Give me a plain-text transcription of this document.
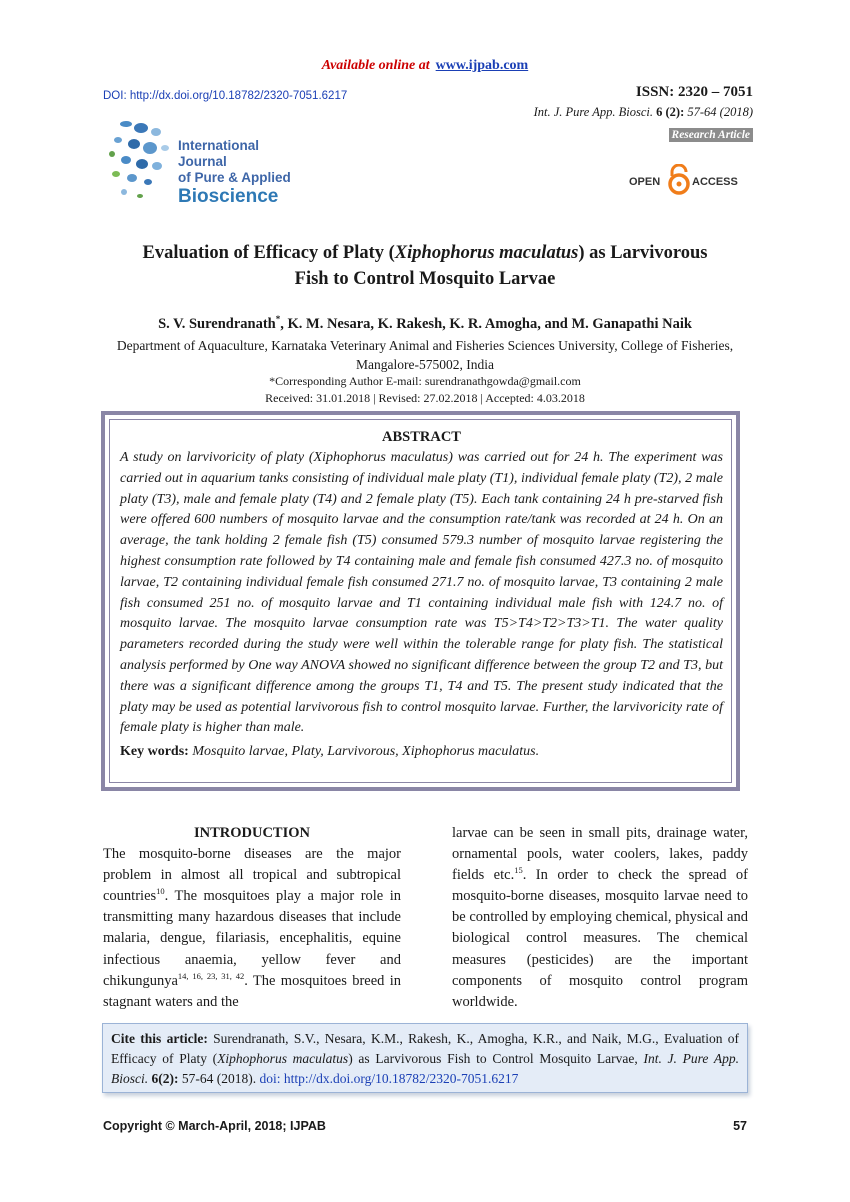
Available online at www.ijpab.com
DOI: http://dx.doi.org/10.18782/2320-7051.6217	ISSN: 2320 – 7051
Int. J. Pure App. Biosci. 6 (2): 57-64 (2018)
Research Article
OPEN	ACCESS
International Journal
of Pure & Applied
Bioscience
Evaluation of Efficacy of Platy (Xiphophorus maculatus) as Larvivorous
Fish to Control Mosquito Larvae
S. V. Surendranath*, K. M. Nesara, K. Rakesh, K. R. Amogha, and M. Ganapathi Naik
Department of Aquaculture, Karnataka Veterinary Animal and Fisheries Sciences University, College of Fisheries, Mangalore-575002, India
*Corresponding Author E-mail: surendranathgowda@gmail.com
Received: 31.01.2018 | Revised: 27.02.2018 | Accepted: 4.03.2018
ABSTRACT
A study on larvivoricity of platy (Xiphophorus maculatus) was carried out for 24 h. The experiment was carried out in aquarium tanks consisting of individual male platy (T1), individual female platy (T2), 2 male platy (T3), male and female platy (T4) and 2 female platy (T5). Each tank containing 24 h pre-starved fish were offered 600 numbers of mosquito larvae and the consumption rate/tank was recorded at 24 h. On an average, the tank holding 2 female fish (T5) consumed 579.3 number of mosquito larvae registering the highest consumption rate followed by T4 containing male and female fish consumed 427.3 no. of mosquito larvae, T2 containing individual female fish consumed 271.7 no. of mosquito larvae, T3 containing 2 male fish consumed 251 no. of mosquito larvae and T1 containing individual male fish with 124.7 no. of mosquito larvae. The mosquito larvae consumption rate was T5>T4>T2>T3>T1. The water quality parameters recorded during the study were well within the tolerable range for platy fish. The statistical analysis performed by One way ANOVA showed no significant difference between the group T2 and T3, but there was a significant difference among the groups T1, T4 and T5. The present study indicated that the platy may be used as potential larvivorous fish to control mosquito larvae. Further, the larvivoricity rate of female platy is higher than male.
Key words: Mosquito larvae, Platy, Larvivorous, Xiphophorus maculatus.
INTRODUCTION
The mosquito-borne diseases are the major problem in almost all tropical and subtropical countries$^{10}$. The mosquitoes play a major role in transmitting many hazardous diseases that include malaria, dengue, filariasis, encephalitis, equine infectious anaemia, yellow fever and chikungunya$^{14, 16, 23, 31, 42}$. The mosquitoes breed in stagnant waters and the
larvae can be seen in small pits, drainage water, ornamental pools, water coolers, lakes, paddy fields etc.$^{15}$. In order to check the spread of mosquito-borne diseases, mosquito larvae need to be controlled by employing chemical, physical and biological control measures. The chemical measures (pesticides) are the important components of mosquito control program worldwide.
Cite this article: Surendranath, S.V., Nesara, K.M., Rakesh, K., Amogha, K.R., and Naik, M.G., Evaluation of Efficacy of Platy (Xiphophorus maculatus) as Larvivorous Fish to Control Mosquito Larvae, Int. J. Pure App. Biosci. 6(2): 57-64 (2018). doi: http://dx.doi.org/10.18782/2320-7051.6217
Copyright © March-April, 2018; IJPAB	57
